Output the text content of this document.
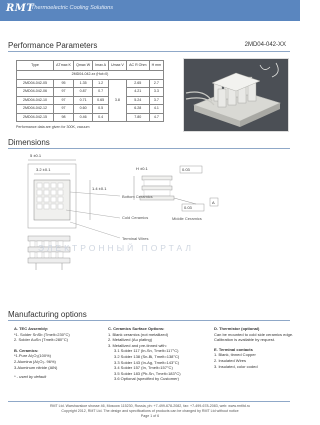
RMT
Thermoelectric Cooling Solutions
Performance Parameters	2MD04-042-XX
Type	ΔTmax K	Qmax W	Imax A	Umax V	AC R Ohm	H mm
2MD04-042-xx (Hot=0)						
2MD04-042-05	95	1.35	1.2	3.8	2.65	2.7
2MD04-042-06	97	0.87	0.7		4.21	3.3
2MD04-042-10	97	0.71	0.65		5.24	3.7
2MD04-042-12	97	0.60	0.5		6.28	4.1
2MD04-042-15	98	0.46	0.4		7.80	4.7
Performance data are given for 300K, vacuum
Dimensions
5 ±0.1
3.2 ±0.1
1.4 ±0.1
H ±0.1	0.03
0.03
A
Bottom Ceramics
Cold Ceramics	Middle Ceramics
Terminal Wires
ЭЛЕКТРОННЫЙ ПОРТАЛ
Manufacturing options
A. TEC Assembly:
*1. Solder SnSb (Tmelt=230°C)
2. Solder AuSn (Tmelt=280°C)
B. Ceramics:
*1.Pure Al₂O₃(100%)
2.Alumina (Al₂O₃- 96%)
3.Aluminum nitride (AlN)
* - used by default
C. Ceramics Surface Options:
1. Blank ceramics (not metallized)
2. Metallized (Au plating)
3. Metallized and pre-tinned with:
3.1 Solder 117 (In-Sn, Tmelt=117°C)
3.2 Solder 138 (Sn-Bi, Tmelt=138°C)
3.3 Solder 143 (In-Ag, Tmelt=143°C)
3.4 Solder 157 (In, Tmelt=157°C)
3.5 Solder 183 (Pb-Sn, Tmelt=183°C)
3.6 Optional (specified by Customer)
D. Thermistor (optional)
Can be mounted to cold side ceramics edge. Calibration is available by request.
E. Terminal contacts
1. Blank, tinned Copper
2. Insulated Wires
3. Insulated, color coded
RMT Ltd. Warshavskoe shosse 46, Moscow 115230, Russia, ph: +7-499-678-2082, fax: +7-499-678-2083, web: www.rmtltd.ru
Copyright 2012, RMT Ltd. The design and specifications of products can be changed by RMT Ltd without notice
Page 1 of 6
